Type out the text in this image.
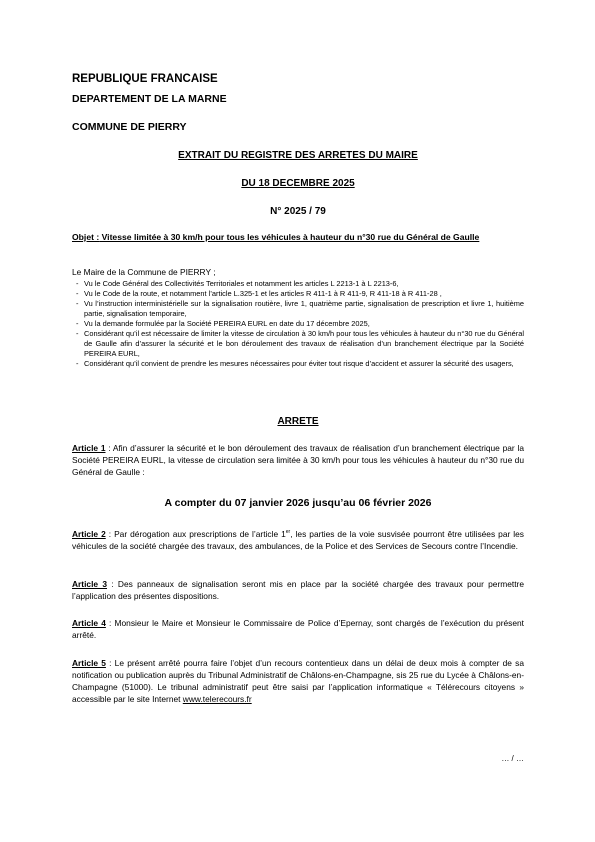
REPUBLIQUE FRANCAISE
DEPARTEMENT DE LA MARNE
COMMUNE DE PIERRY
EXTRAIT DU REGISTRE DES ARRETES DU MAIRE
DU 18 DECEMBRE 2025
N° 2025 / 79
Objet : Vitesse limitée à 30 km/h pour tous les véhicules à hauteur du n°30 rue du Général de Gaulle
Le Maire de la Commune de PIERRY ;
- Vu le Code Général des Collectivités Territoriales et notamment les articles L 2213-1 à L 2213-6,
- Vu le Code de la route, et notamment l’article L.325-1 et les articles R 411-1 à R 411-9, R 411-18 à R 411-28 ,
- Vu l’instruction interministérielle sur la signalisation routière, livre 1, quatrième partie, signalisation de prescription et livre 1, huitième partie, signalisation temporaire,
- Vu la demande formulée par la Société PEREIRA EURL en date du 17 décembre 2025,
- Considérant qu’il est nécessaire de limiter la vitesse de circulation à 30 km/h pour tous les véhicules à hauteur du n°30 rue du Général de Gaulle afin d’assurer la sécurité et le bon déroulement des travaux de réalisation d’un branchement électrique par la Société PEREIRA EURL,
- Considérant qu’il convient de prendre les mesures nécessaires pour éviter tout risque d’accident et assurer la sécurité des usagers,
ARRETE
Article 1 : Afin d’assurer la sécurité et le bon déroulement des travaux de réalisation d’un branchement électrique par la Société PEREIRA EURL, la vitesse de circulation sera limitée à 30 km/h pour tous les véhicules à hauteur du n°30 rue du Général de Gaulle :
A compter du 07 janvier 2026 jusqu’au 06 février 2026
Article 2 : Par dérogation aux prescriptions de l’article 1er, les parties de la voie susvisée pourront être utilisées par les véhicules de la société chargée des travaux, des ambulances, de la Police et des Services de Secours contre l’Incendie.
Article 3 : Des panneaux de signalisation seront mis en place par la société chargée des travaux pour permettre l’application des présentes dispositions.
Article 4 : Monsieur le Maire et Monsieur le Commissaire de Police d’Epernay, sont chargés de l’exécution du présent arrêté.
Article 5 : Le présent arrêté pourra faire l’objet d’un recours contentieux dans un délai de deux mois à compter de sa notification ou publication auprès du Tribunal Administratif de Châlons-en-Champagne, sis 25 rue du Lycée à Châlons-en-Champagne (51000). Le tribunal administratif peut être saisi par l’application informatique « Télérecours citoyens » accessible par le site Internet www.telerecours.fr
… / …
